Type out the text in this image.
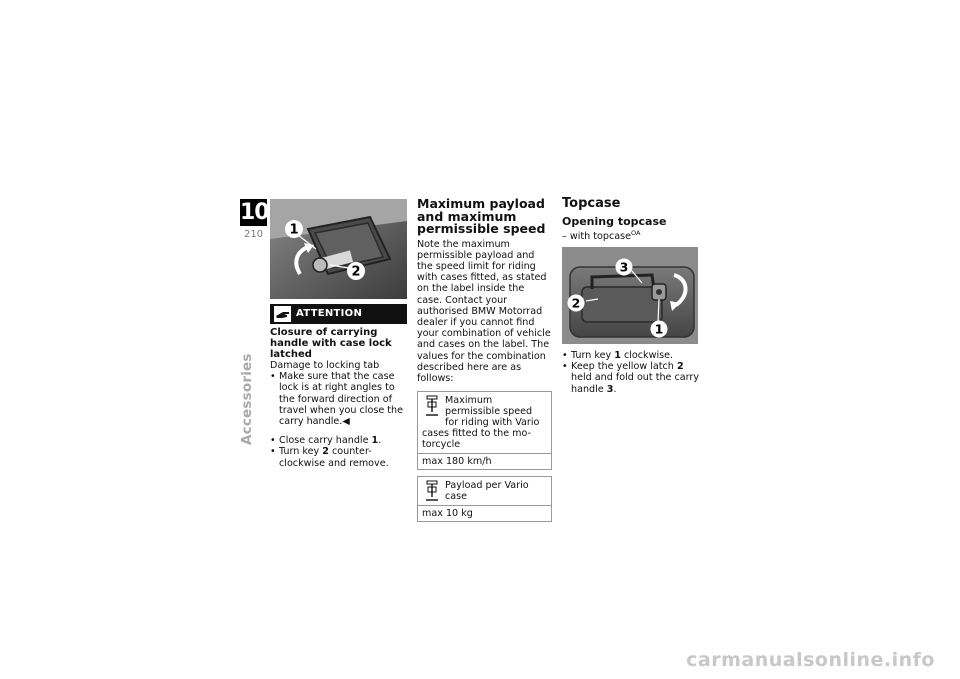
10
210
Accessories
1
2
ATTENTION
Closure of carrying handle with case lock latched
Damage to locking tab
• Make sure that the case lock is at right angles to the forward direction of travel when you close the carry handle.◀
• Close carry handle 1.
• Turn key 2 counter-clockwise and remove.
Maximum payload and maximum permissible speed
Note the maximum permissible payload and the speed limit for riding with cases fitted, as stated on the label inside the case. Contact your authorised BMW Motorrad dealer if you cannot find your combination of vehicle and cases on the label. The values for the combination described here are as follows:
Maximum permissible speed for riding with Vario cases fitted to the mo-torcycle
max 180 km/h
Payload per Vario case
max 10 kg
Topcase
Opening topcase
– with topcase$^{OA}$
3
2
1
• Turn key 1 clockwise.
• Keep the yellow latch 2 held and fold out the carry handle 3.
carmanualsonline.info
